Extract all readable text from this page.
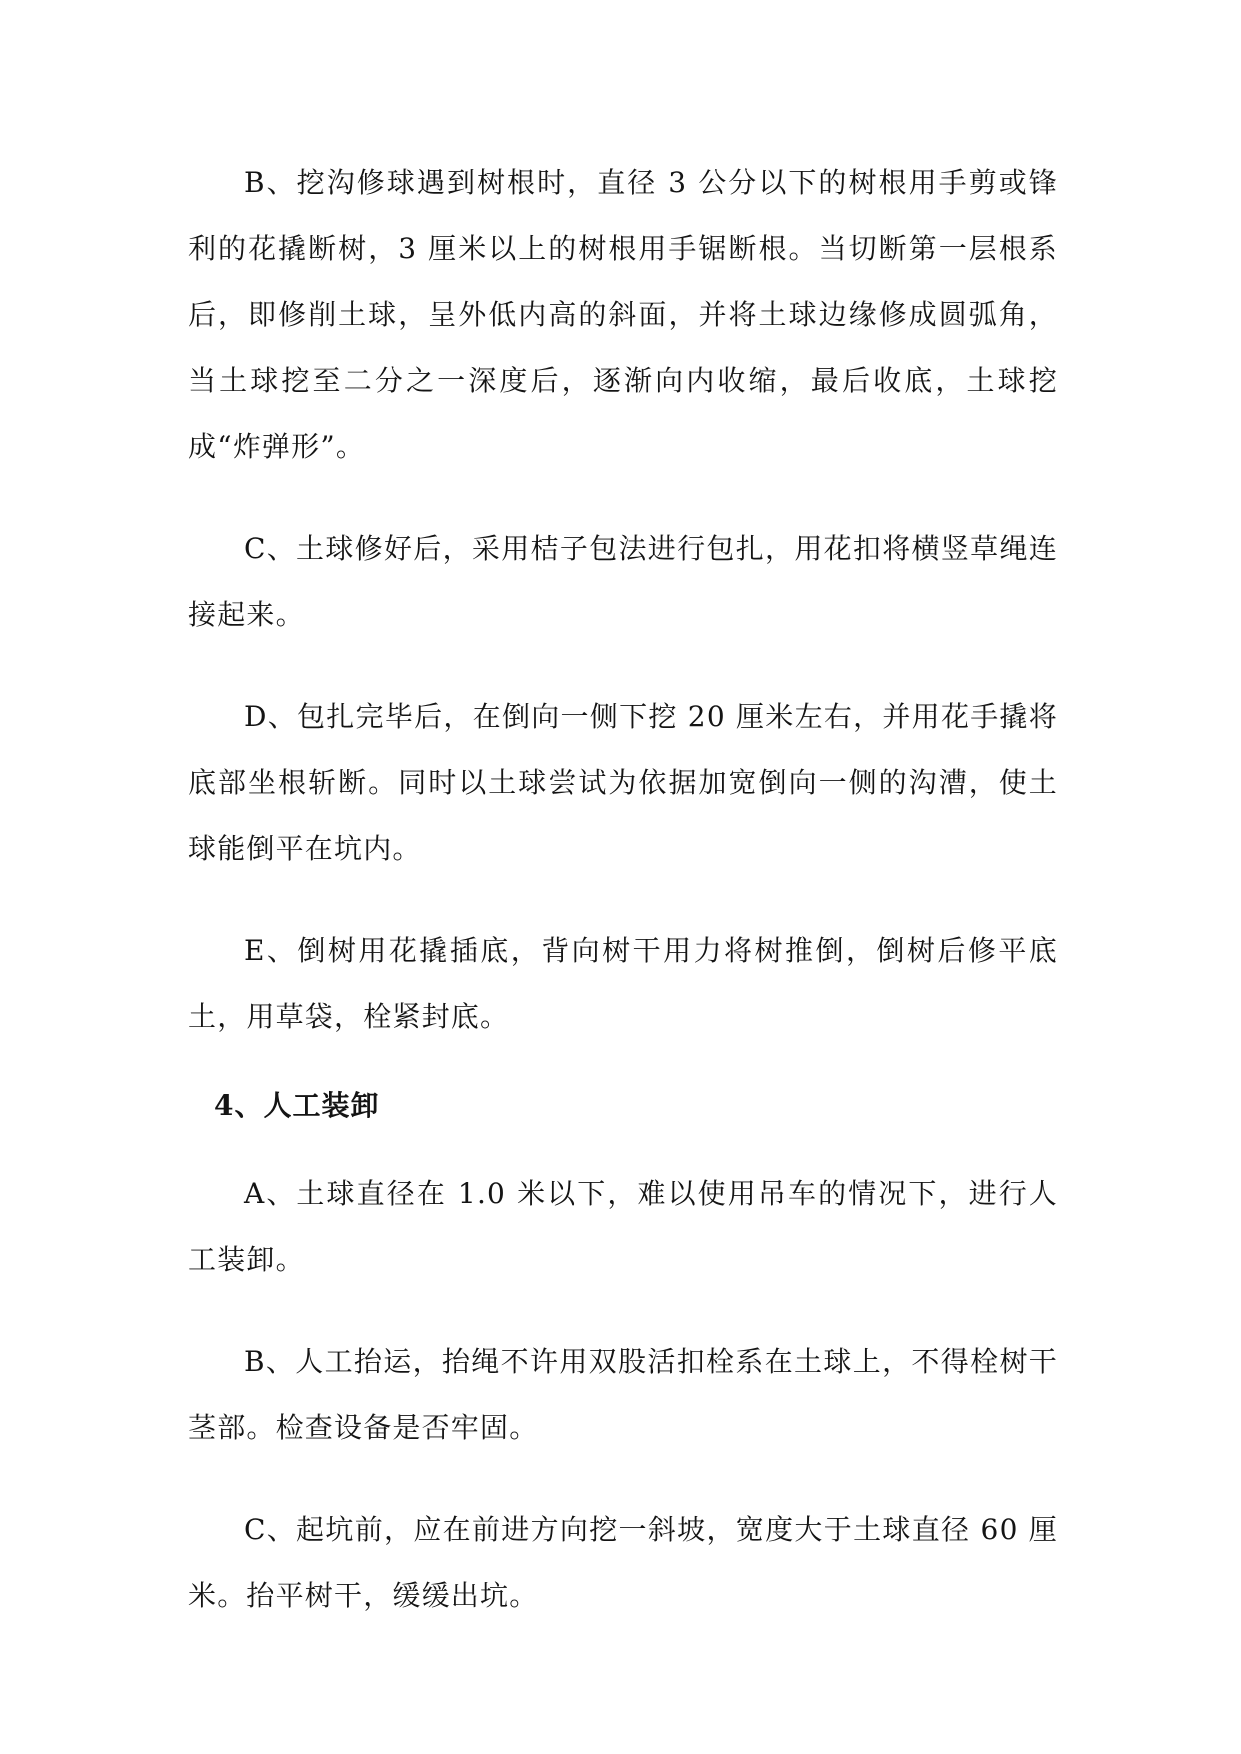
B、挖沟修球遇到树根时，直径 3 公分以下的树根用手剪或锋利的花撬断树，3 厘米以上的树根用手锯断根。当切断第一层根系后，即修削土球，呈外低内高的斜面，并将土球边缘修成圆弧角，当土球挖至二分之一深度后，逐渐向内收缩，最后收底，土球挖成“炸弹形”。

C、土球修好后，采用桔子包法进行包扎，用花扣将横竖草绳连接起来。

D、包扎完毕后，在倒向一侧下挖 20 厘米左右，并用花手撬将底部坐根斩断。同时以土球尝试为依据加宽倒向一侧的沟漕，使土球能倒平在坑内。

E、倒树用花撬插底，背向树干用力将树推倒，倒树后修平底土，用草袋，栓紧封底。

4、人工装卸

A、土球直径在 1.0 米以下，难以使用吊车的情况下，进行人工装卸。

B、人工抬运，抬绳不许用双股活扣栓系在土球上，不得栓树干茎部。检查设备是否牢固。

C、起坑前，应在前进方向挖一斜坡，宽度大于土球直径 60 厘米。抬平树干，缓缓出坑。
